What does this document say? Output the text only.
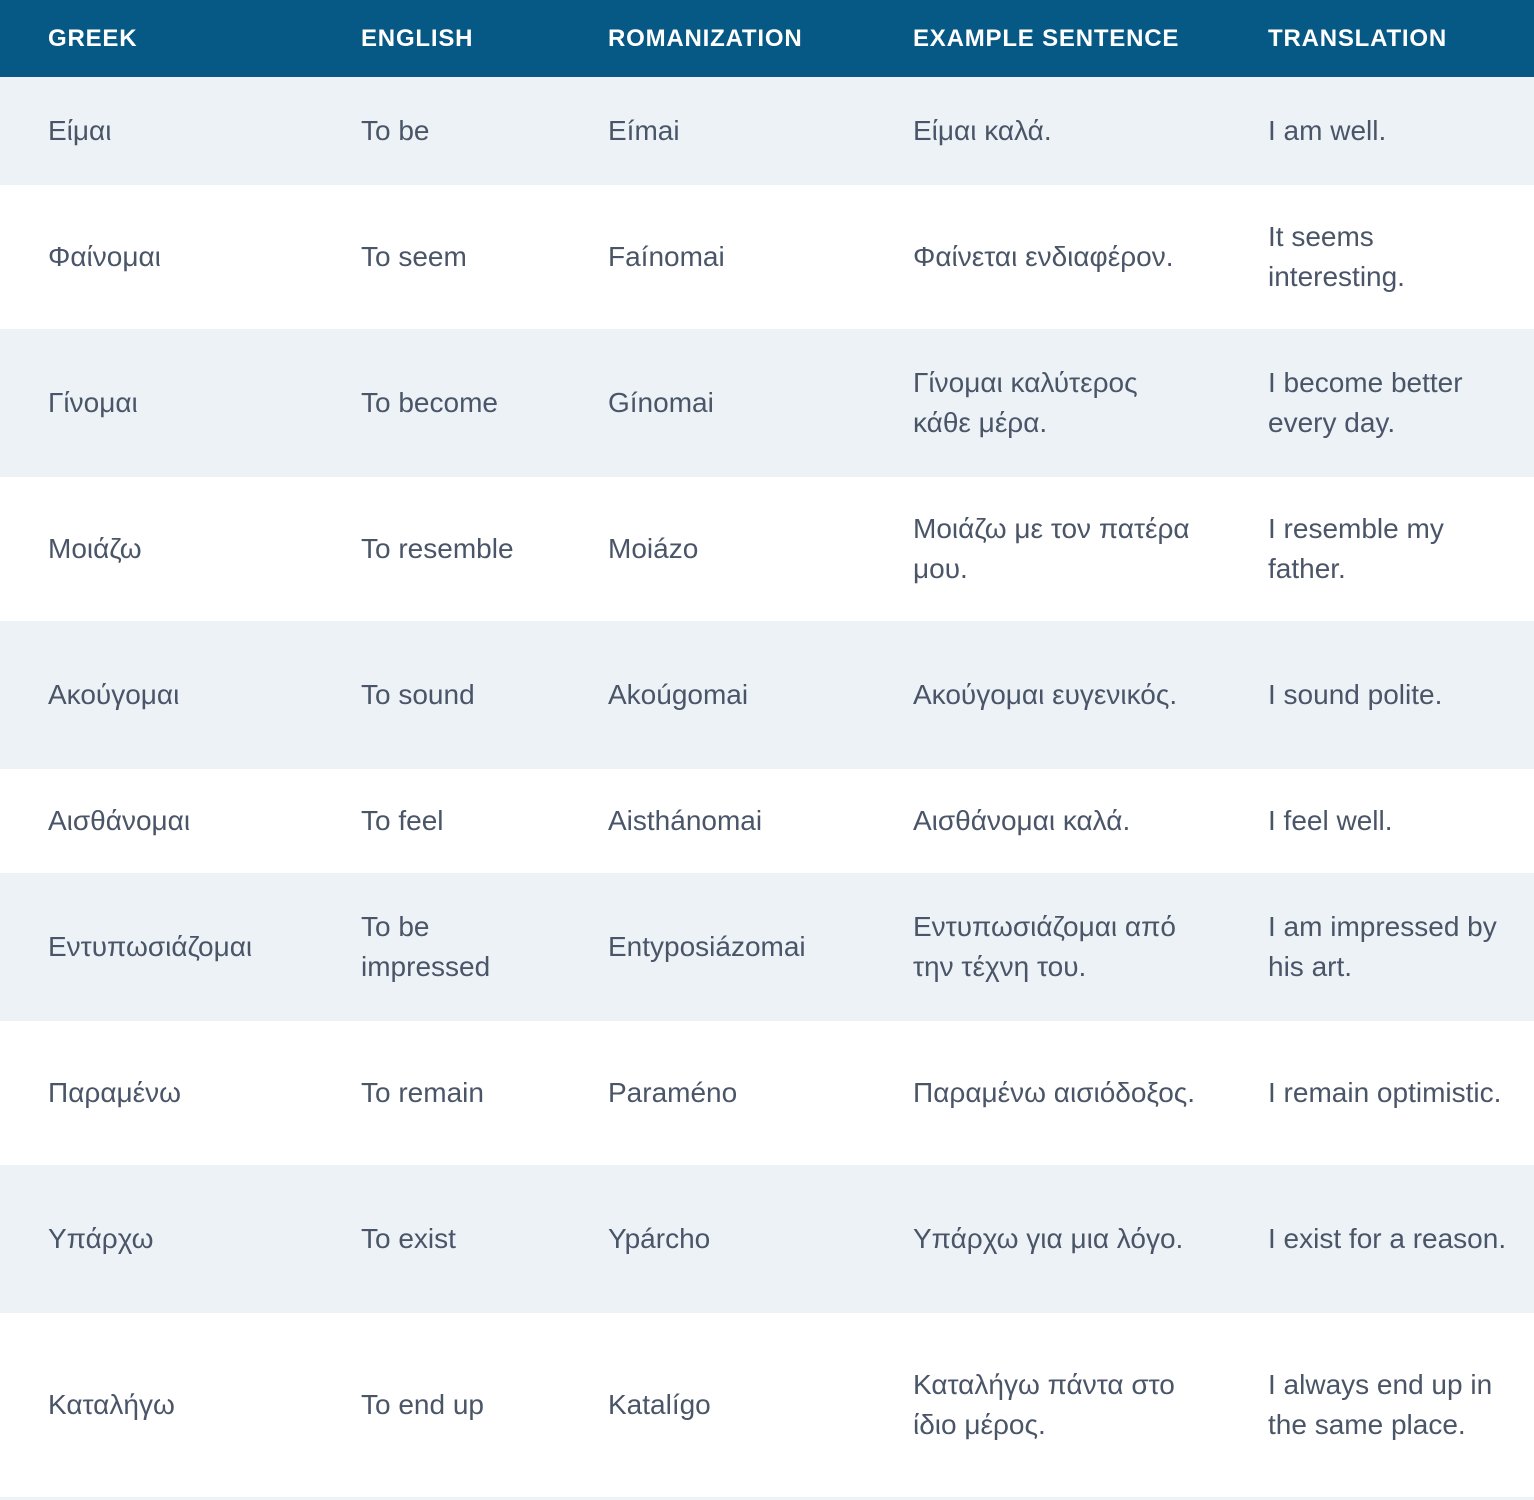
GREEK	ENGLISH	ROMANIZATION	EXAMPLE SENTENCE	TRANSLATION
Είμαι	To be	Eímai	Είμαι καλά.	I am well.
Φαίνομαι	To seem	Faínomai	Φαίνεται ενδιαφέρον.	It seems interesting.
Γίνομαι	To become	Gínomai	Γίνομαι καλύτερος κάθε μέρα.	I become better every day.
Μοιάζω	To resemble	Moiázo	Μοιάζω με τον πατέρα μου.	I resemble my father.
Ακούγομαι	To sound	Akoúgomai	Ακούγομαι ευγενικός.	I sound polite.
Αισθάνομαι	To feel	Aisthánomai	Αισθάνομαι καλά.	I feel well.
Εντυπωσιάζομαι	To be impressed	Entyposiázomai	Εντυπωσιάζομαι από την τέχνη του.	I am impressed by his art.
Παραμένω	To remain	Paraméno	Παραμένω αισιόδοξος.	I remain optimistic.
Υπάρχω	To exist	Ypárcho	Υπάρχω για μια λόγο.	I exist for a reason.
Καταλήγω	To end up	Katalígo	Καταλήγω πάντα στο ίδιο μέρος.	I always end up in the same place.
